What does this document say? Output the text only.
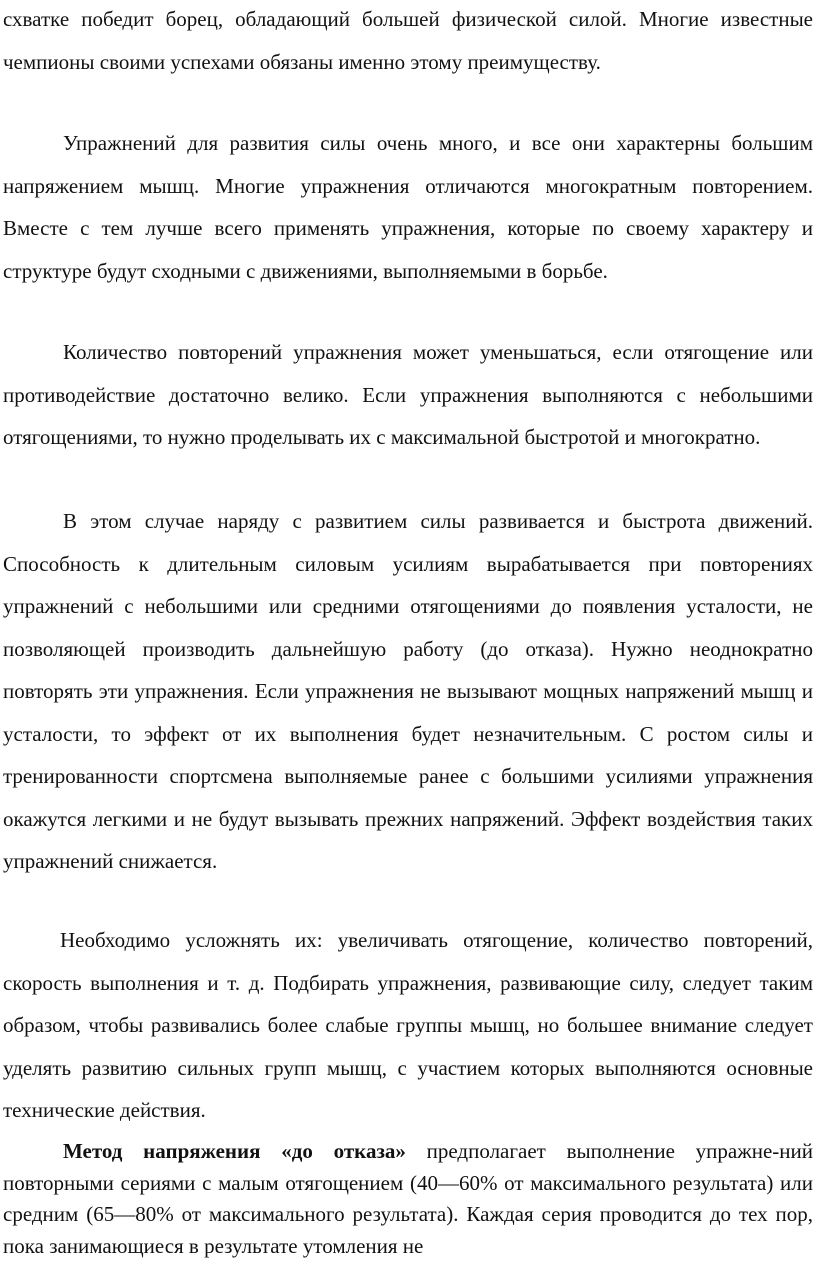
схватке победит борец, обладающий большей физической силой. Многие известные чемпионы своими успехами обязаны именно этому преимуществу.

Упражнений для развития силы очень много, и все они характерны большим напряжением мышц. Многие упражнения отличаются многократным повторением. Вместе с тем лучше всего применять упражнения, которые по своему характеру и структуре будут сходными с движениями, выполняемыми в борьбе.

Количество повторений упражнения может уменьшаться, если отягощение или противодействие достаточно велико. Если упражнения выполняются с небольшими отягощениями, то нужно проделывать их с максимальной быстротой и многократно.

В этом случае наряду с развитием силы развивается и быстрота движений. Способность к длительным силовым усилиям вырабатывается при повторениях упражнений с небольшими или средними отягощениями до появления усталости, не позволяющей производить дальнейшую работу (до отказа). Нужно неоднократно повторять эти упражнения. Если упражнения не вызывают мощных напряжений мышц и усталости, то эффект от их выполнения будет незначительным. С ростом силы и тренированности спортсмена выполняемые ранее с большими усилиями упражнения окажутся легкими и не будут вызывать прежних напряжений. Эффект воздействия таких упражнений снижается.

Необходимо усложнять их: увеличивать отягощение, количество повторений, скорость выполнения и т. д. Подбирать упражнения, развивающие силу, следует таким образом, чтобы развивались более слабые группы мышц, но большее внимание следует уделять развитию сильных групп мышц, с участием которых выполняются основные технические действия.

Метод напряжения «до отказа» предполагает выполнение упражне-ний повторными сериями с малым отягощением (40—60% от максимального результата) или средним (65—80% от максимального результата). Каждая серия проводится до тех пор, пока занимающиеся в результате утомления не
